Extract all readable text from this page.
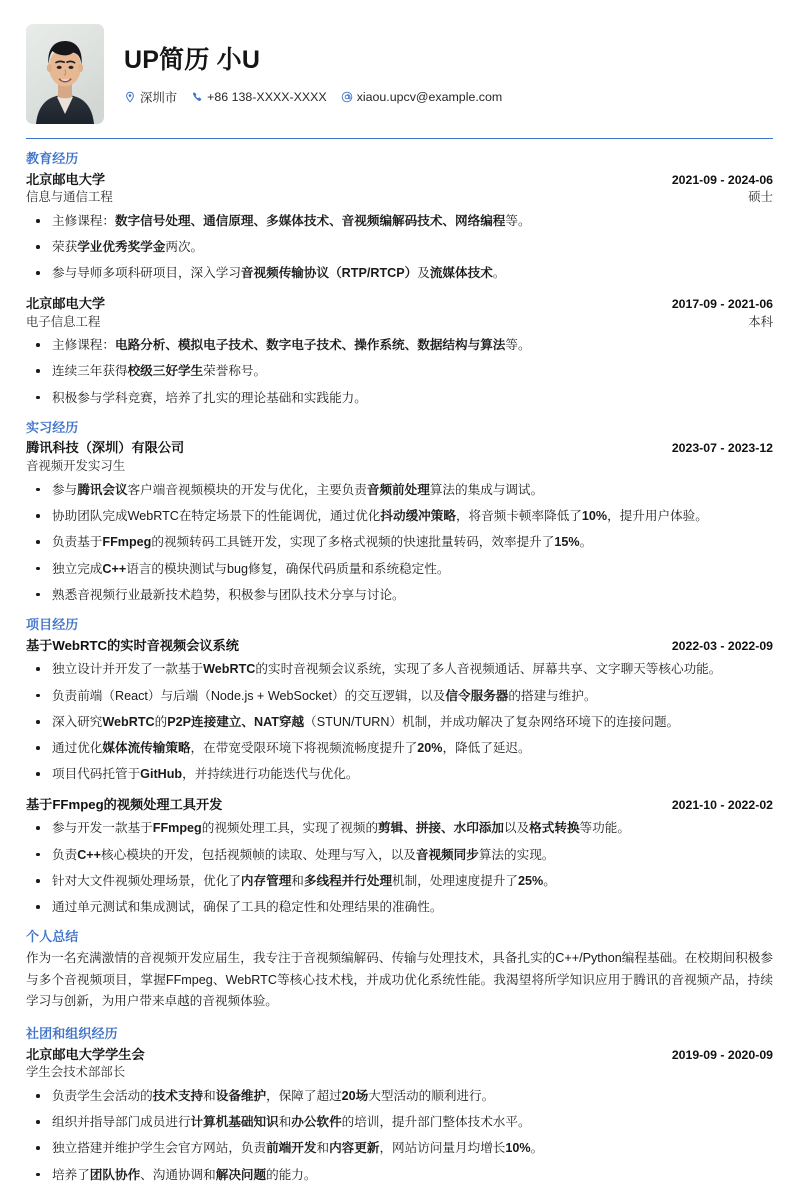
UP简历 小U
深圳市 +86 138-XXXX-XXXX xiaou.upcv@example.com
教育经历
北京邮电大学	2021-09 - 2024-06
信息与通信工程	硕士
主修课程：数字信号处理、通信原理、多媒体技术、音视频编解码技术、网络编程等。
荣获学业优秀奖学金两次。
参与导师多项科研项目，深入学习音视频传输协议（RTP/RTCP）及流媒体技术。
北京邮电大学	2017-09 - 2021-06
电子信息工程	本科
主修课程：电路分析、模拟电子技术、数字电子技术、操作系统、数据结构与算法等。
连续三年获得校级三好学生荣誉称号。
积极参与学科竞赛，培养了扎实的理论基础和实践能力。
实习经历
腾讯科技（深圳）有限公司	2023-07 - 2023-12
音视频开发实习生
参与腾讯会议客户端音视频模块的开发与优化，主要负责音频前处理算法的集成与调试。
协助团队完成WebRTC在特定场景下的性能调优，通过优化抖动缓冲策略，将音频卡顿率降低了10%，提升用户体验。
负责基于FFmpeg的视频转码工具链开发，实现了多格式视频的快速批量转码，效率提升了15%。
独立完成C++语言的模块测试与bug修复，确保代码质量和系统稳定性。
熟悉音视频行业最新技术趋势，积极参与团队技术分享与讨论。
项目经历
基于WebRTC的实时音视频会议系统	2022-03 - 2022-09
独立设计并开发了一款基于WebRTC的实时音视频会议系统，实现了多人音视频通话、屏幕共享、文字聊天等核心功能。
负责前端（React）与后端（Node.js + WebSocket）的交互逻辑，以及信令服务器的搭建与维护。
深入研究WebRTC的P2P连接建立、NAT穿越（STUN/TURN）机制，并成功解决了复杂网络环境下的连接问题。
通过优化媒体流传输策略，在带宽受限环境下将视频流畅度提升了20%，降低了延迟。
项目代码托管于GitHub，并持续进行功能迭代与优化。
基于FFmpeg的视频处理工具开发	2021-10 - 2022-02
参与开发一款基于FFmpeg的视频处理工具，实现了视频的剪辑、拼接、水印添加以及格式转换等功能。
负责C++核心模块的开发，包括视频帧的读取、处理与写入，以及音视频同步算法的实现。
针对大文件视频处理场景，优化了内存管理和多线程并行处理机制，处理速度提升了25%。
通过单元测试和集成测试，确保了工具的稳定性和处理结果的准确性。
个人总结

作为一名充满激情的音视频开发应届生，我专注于音视频编解码、传输与处理技术，具备扎实的C++/Python编程基础。在校期间积极参与多个音视频项目，掌握FFmpeg、WebRTC等核心技术栈，并成功优化系统性能。我渴望将所学知识应用于腾讯的音视频产品，持续学习与创新，为用户带来卓越的音视频体验。

社团和组织经历
北京邮电大学学生会	2019-09 - 2020-09
学生会技术部部长
负责学生会活动的技术支持和设备维护，保障了超过20场大型活动的顺利进行。
组织并指导部门成员进行计算机基础知识和办公软件的培训，提升部门整体技术水平。
独立搭建并维护学生会官方网站，负责前端开发和内容更新，网站访问量月均增长10%。
培养了团队协作、沟通协调和解决问题的能力。
